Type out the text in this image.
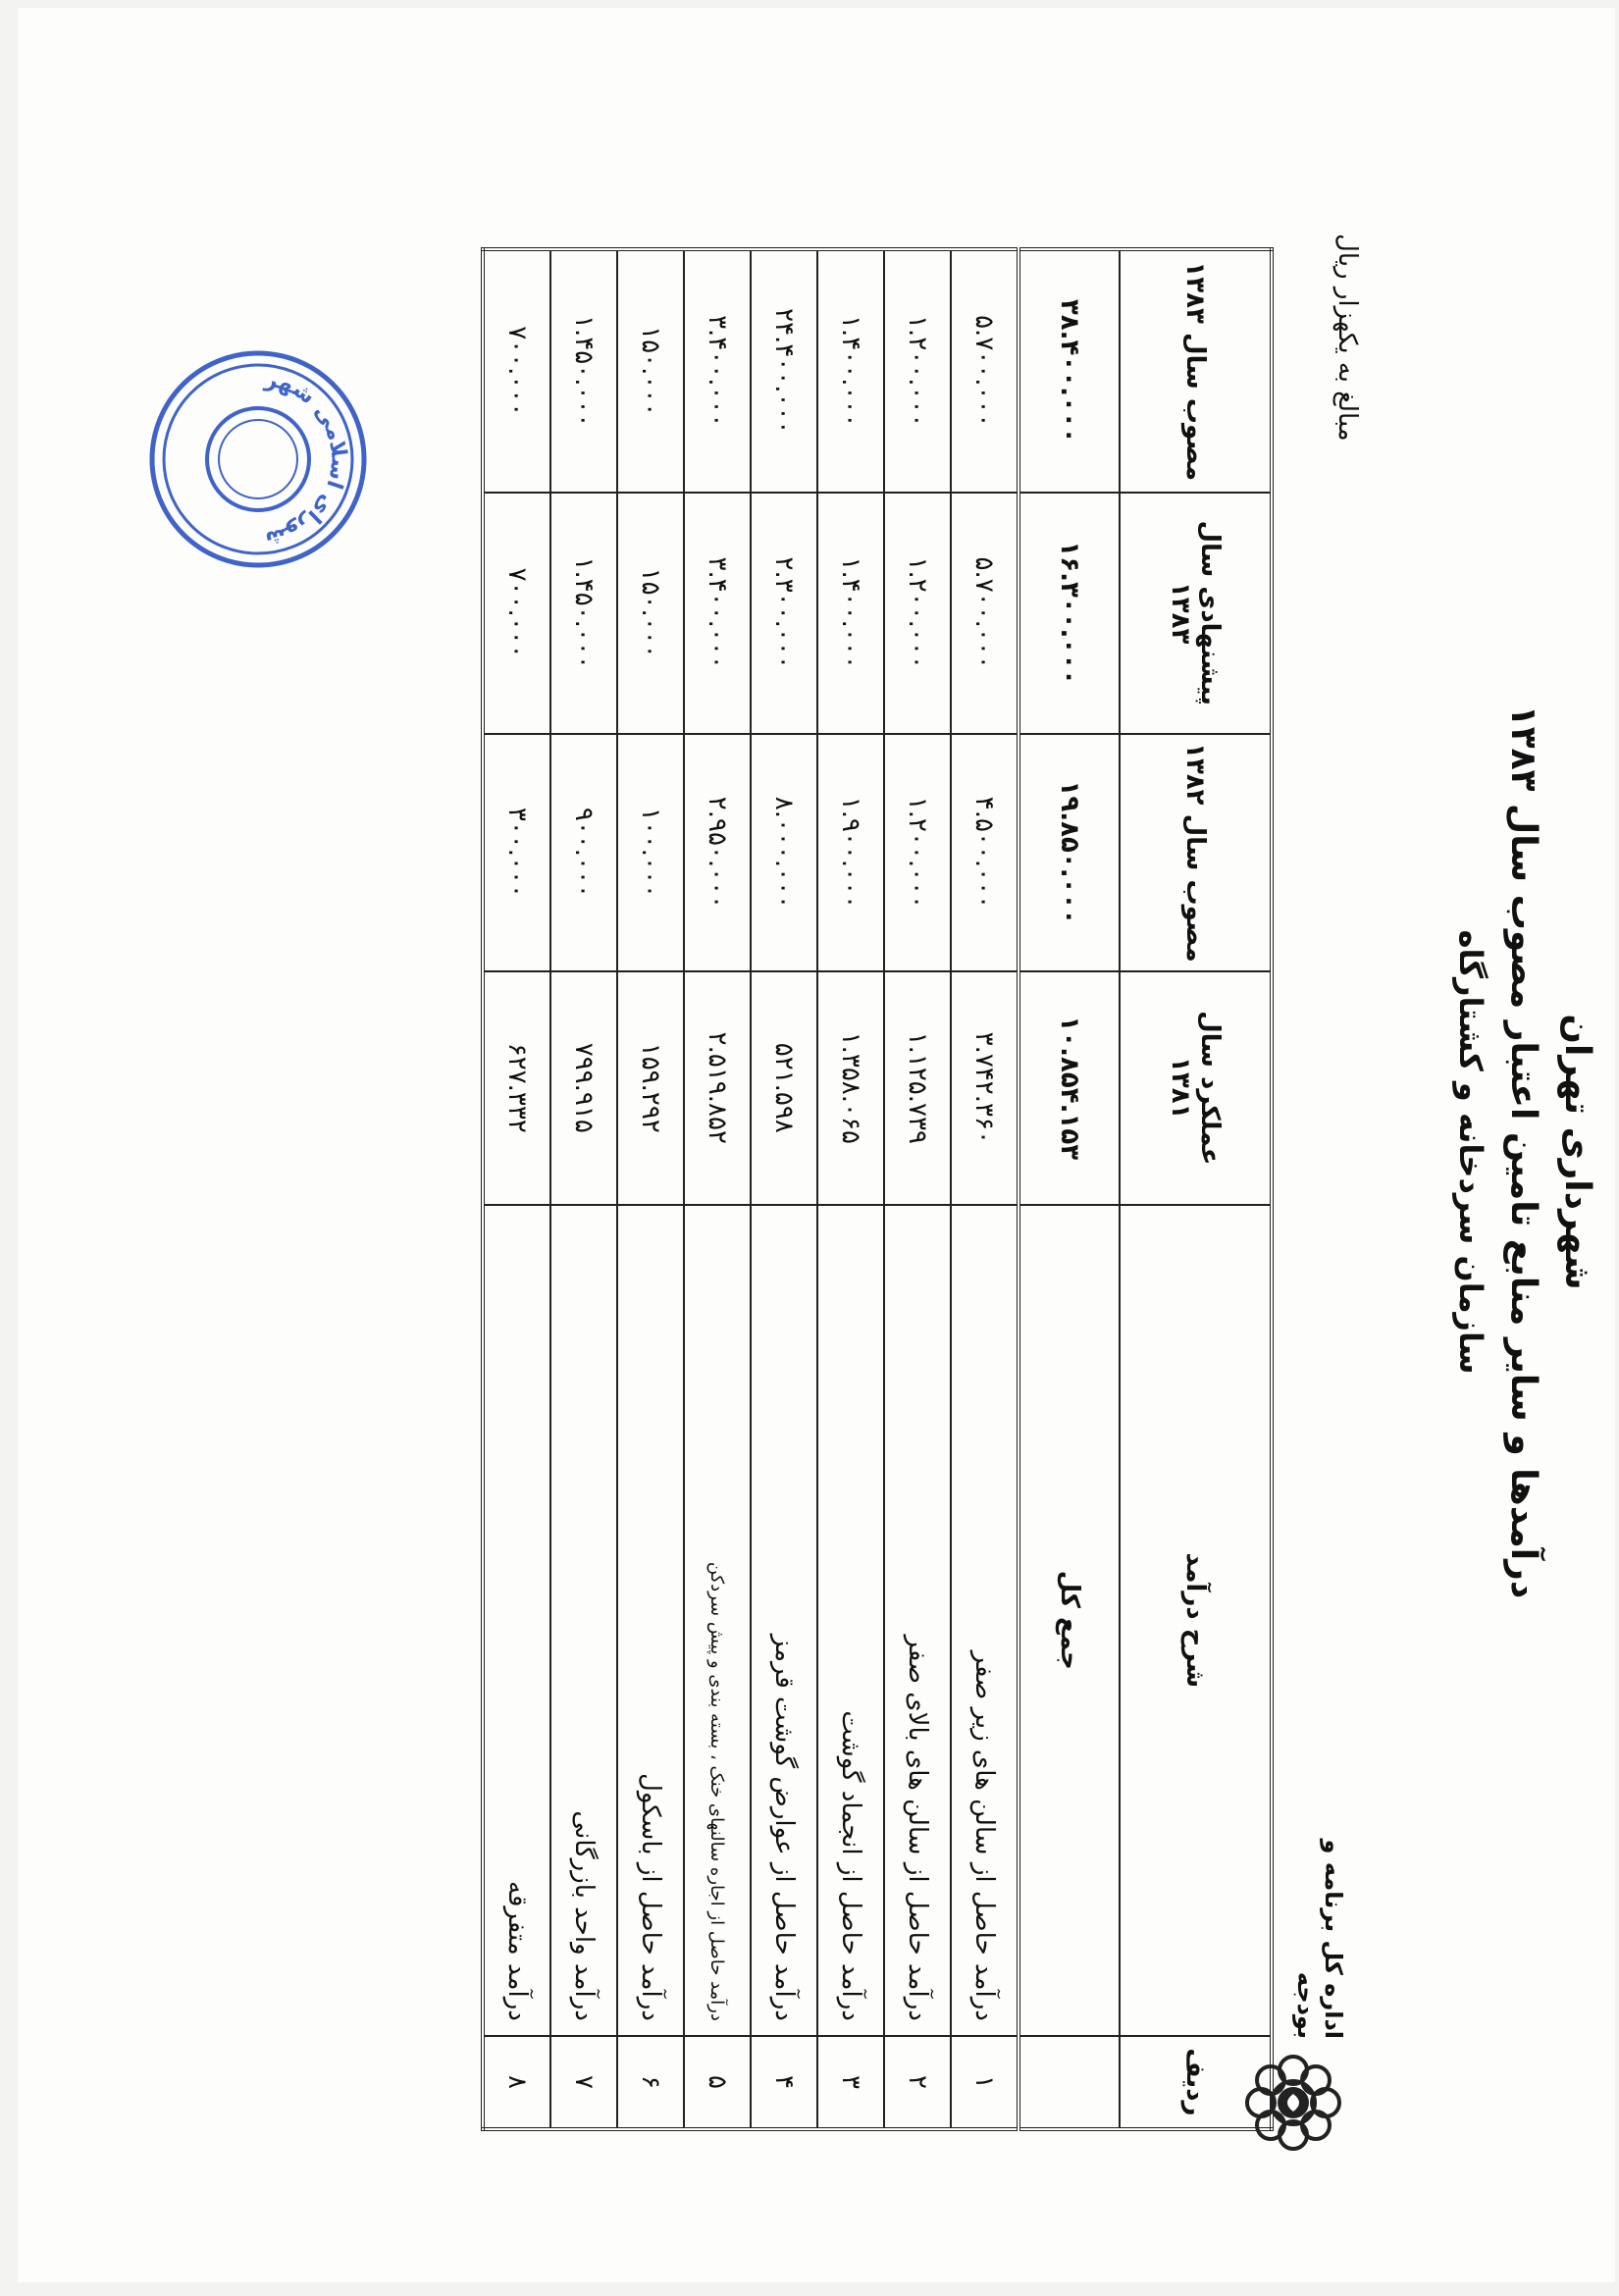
شهرداری تهران
درآمدها و سایر منابع تامین اعتبار مصوب سال ۱۳۸۳
سازمان سردخانه و کشتارگاه
مبالغ به یکهزار ریال
اداره کل برنامه و بودجه
ردیف	شرح درآمد	عملکرد سال ۱۳۸۱	مصوب سال ۱۳۸۲	پیشنهادی سال ۱۳۸۳	مصوب سال ۱۳۸۳
	جمع کل	۱۰.۸۵۴.۱۵۳	۱۹.۸۵۰.۰۰۰	۱۶.۳۰۰.۰۰۰	۳۸.۴۰۰.۰۰۰
۱	درآمد حاصل از سالن های زیر صفر	۳.۷۴۲.۳۶۰	۴.۵۰۰.۰۰۰	۵.۷۰۰.۰۰۰	۵.۷۰۰.۰۰۰
۲	درآمد حاصل از سالن های بالای صفر	۱.۱۲۵.۷۳۹	۱.۲۰۰.۰۰۰	۱.۲۰۰.۰۰۰	۱.۲۰۰.۰۰۰
۳	درآمد حاصل از انجماد گوشت	۱.۳۵۸.۰۶۵	۱.۹۰۰.۰۰۰	۱.۴۰۰.۰۰۰	۱.۴۰۰.۰۰۰
۴	درآمد حاصل از عوارض گوشت قرمز	۵۲۱.۵۹۸	۸.۰۰۰.۰۰۰	۲.۳۰۰.۰۰۰	۲۴.۴۰۰.۰۰۰
۵	درآمد حاصل از اجاره سالنهای خنک ، بسته بندی و پیش سردکن	۲.۵۱۹.۸۵۲	۲.۹۵۰.۰۰۰	۳.۴۰۰.۰۰۰	۳.۴۰۰.۰۰۰
۶	درآمد حاصل از باسکول	۱۵۹.۲۹۲	۱۰۰.۰۰۰	۱۵۰.۰۰۰	۱۵۰.۰۰۰
۷	درآمد واحد بازرگانی	۷۹۹.۹۱۵	۹۰۰.۰۰۰	۱.۴۵۰.۰۰۰	۱.۴۵۰.۰۰۰
۸	درآمد متفرقه	۶۲۷.۳۳۲	۳۰۰.۰۰۰	۷۰۰.۰۰۰	۷۰۰.۰۰۰
شورای اسلامی شهر
